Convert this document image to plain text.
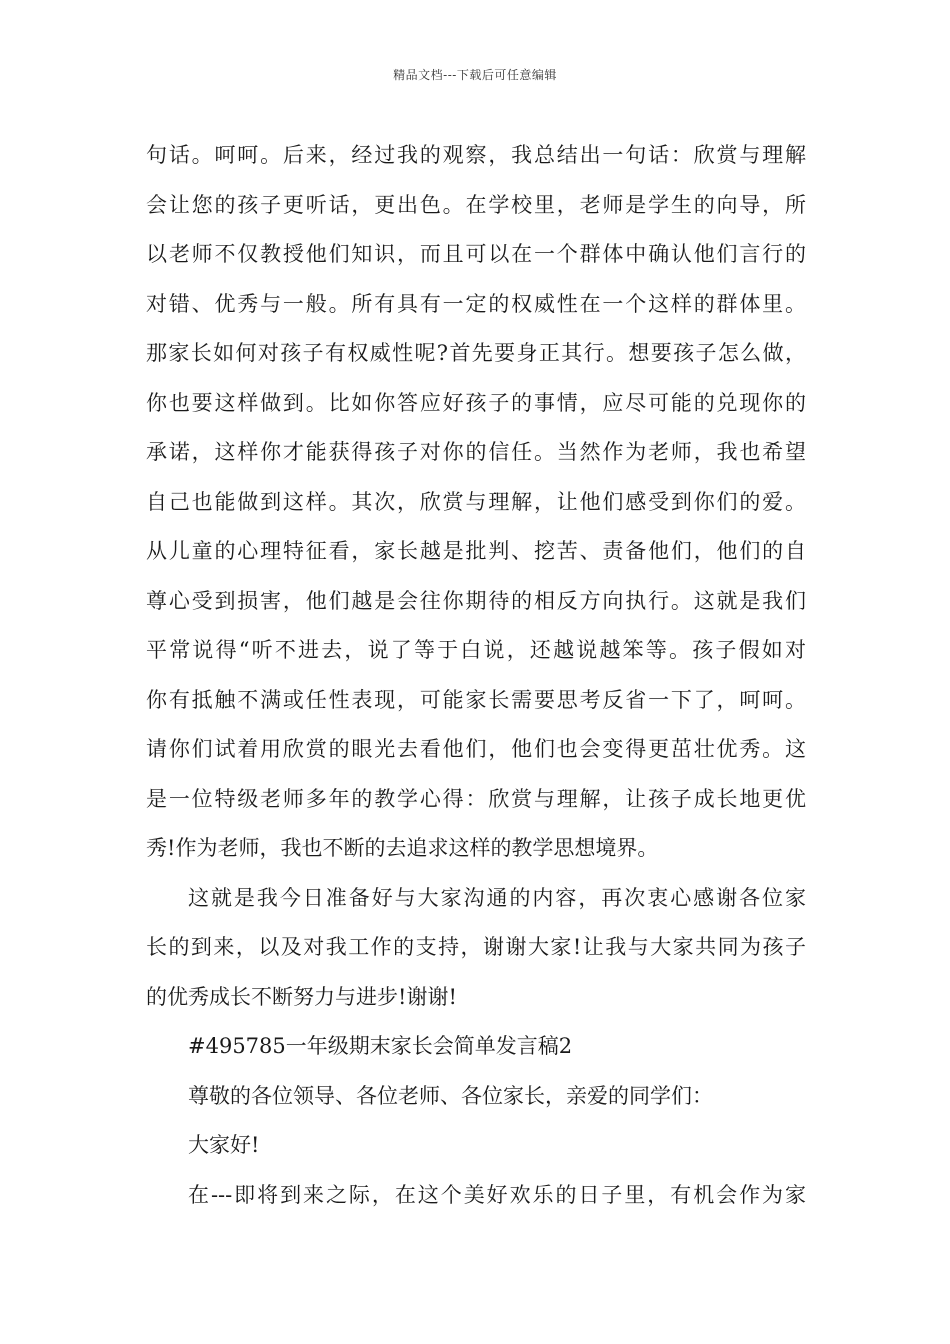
精品文档---下载后可任意编辑
句话。呵呵。后来，经过我的观察，我总结出一句话：欣赏与理解
会让您的孩子更听话，更出色。在学校里，老师是学生的向导，所
以老师不仅教授他们知识，而且可以在一个群体中确认他们言行的
对错、优秀与一般。所有具有一定的权威性在一个这样的群体里。
那家长如何对孩子有权威性呢?首先要身正其行。想要孩子怎么做，
你也要这样做到。比如你答应好孩子的事情，应尽可能的兑现你的
承诺，这样你才能获得孩子对你的信任。当然作为老师，我也希望
自己也能做到这样。其次，欣赏与理解，让他们感受到你们的爱。
从儿童的心理特征看，家长越是批判、挖苦、责备他们，他们的自
尊心受到损害，他们越是会往你期待的相反方向执行。这就是我们
平常说得“听不进去，说了等于白说，还越说越笨等。孩子假如对
你有抵触不满或任性表现，可能家长需要思考反省一下了，呵呵。
请你们试着用欣赏的眼光去看他们，他们也会变得更茁壮优秀。这
是一位特级老师多年的教学心得：欣赏与理解，让孩子成长地更优
秀!作为老师，我也不断的去追求这样的教学思想境界。
这就是我今日准备好与大家沟通的内容，再次衷心感谢各位家
长的到来，以及对我工作的支持，谢谢大家!让我与大家共同为孩子
的优秀成长不断努力与进步!谢谢!
#495785一年级期末家长会简单发言稿2
尊敬的各位领导、各位老师、各位家长，亲爱的同学们：
大家好!
在---即将到来之际，在这个美好欢乐的日子里，有机会作为家
